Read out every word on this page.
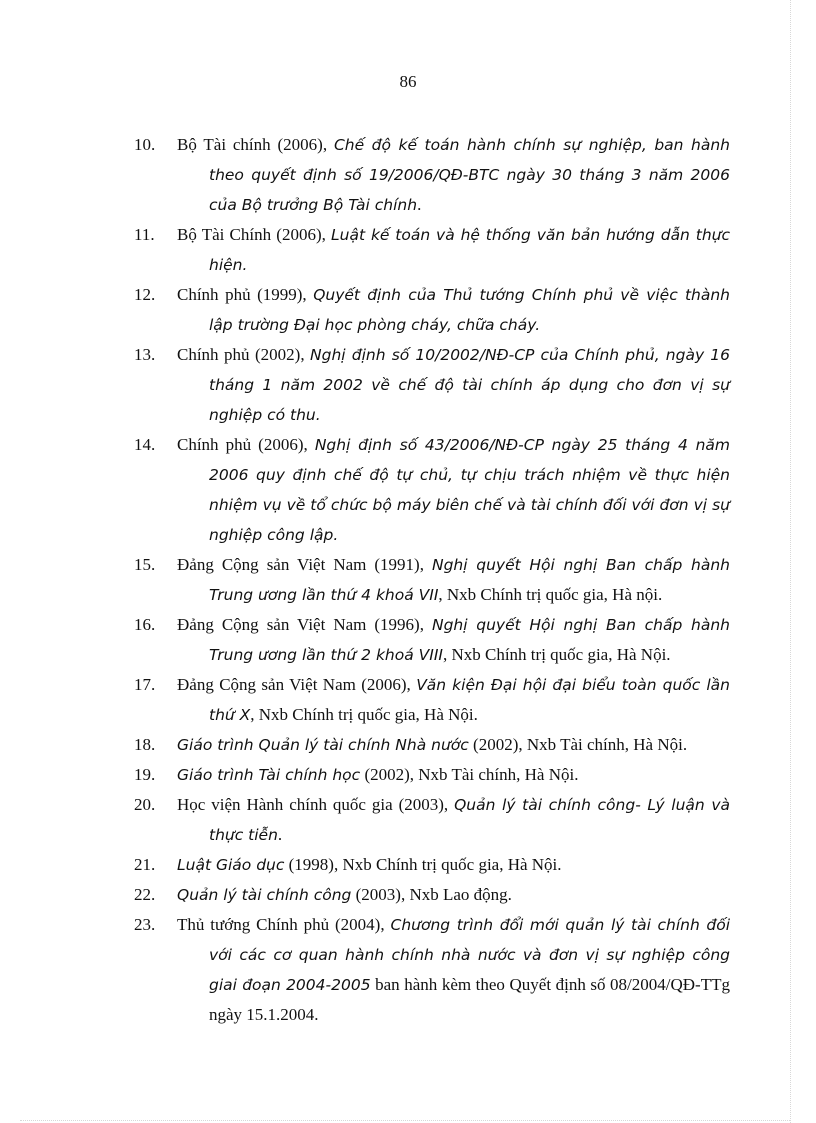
86

10.	Bộ Tài chính (2006), Chế độ kế toán hành chính sự nghiệp, ban hành theo quyết định số 19/2006/QĐ-BTC ngày 30 tháng 3 năm 2006 của Bộ trưởng Bộ Tài chính.

11.	Bộ Tài Chính (2006), Luật kế toán và hệ thống văn bản hướng dẫn thực hiện.

12.	Chính phủ (1999), Quyết định của Thủ tướng Chính phủ về việc thành lập trường Đại học phòng cháy, chữa cháy.

13.	Chính phủ (2002), Nghị định số 10/2002/NĐ-CP của Chính phủ, ngày 16 tháng 1 năm 2002 về chế độ tài chính áp dụng cho đơn vị sự nghiệp có thu.

14.	Chính phủ (2006), Nghị định số 43/2006/NĐ-CP ngày 25 tháng 4 năm 2006 quy định chế độ tự chủ, tự chịu trách nhiệm về thực hiện nhiệm vụ về tổ chức bộ máy biên chế và tài chính đối với đơn vị sự nghiệp công lập.

15.	Đảng Cộng sản Việt Nam (1991), Nghị quyết Hội nghị Ban chấp hành Trung ương lần thứ 4 khoá VII, Nxb Chính trị quốc gia, Hà nội.

16.	Đảng Cộng sản Việt Nam (1996), Nghị quyết Hội nghị Ban chấp hành Trung ương lần thứ 2 khoá VIII, Nxb Chính trị quốc gia, Hà Nội.

17.	Đảng Cộng sản Việt Nam (2006), Văn kiện Đại hội đại biểu toàn quốc lần thứ X, Nxb Chính trị quốc gia, Hà Nội.

18.	Giáo trình Quản lý tài chính Nhà nước (2002), Nxb Tài chính, Hà Nội.

19.	Giáo trình Tài chính học (2002), Nxb Tài chính, Hà Nội.

20.	Học viện Hành chính quốc gia (2003), Quản lý tài chính công- Lý luận và thực tiễn.

21.	Luật Giáo dục (1998), Nxb Chính trị quốc gia, Hà Nội.

22.	Quản lý tài chính công (2003), Nxb Lao động.

23.	Thủ tướng Chính phủ (2004), Chương trình đổi mới quản lý tài chính đối với các cơ quan hành chính nhà nước và đơn vị sự nghiệp công giai đoạn 2004-2005 ban hành kèm theo Quyết định số 08/2004/QĐ-TTg ngày 15.1.2004.
